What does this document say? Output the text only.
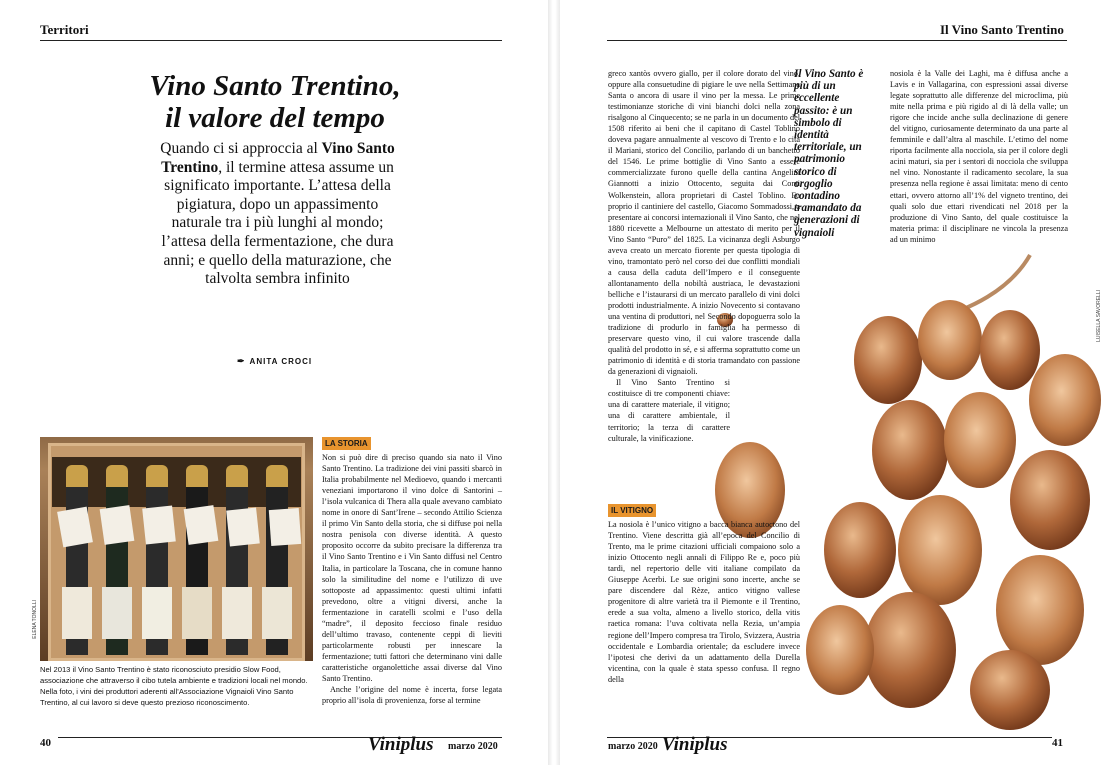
Territori
Vino Santo Trentino,
il valore del tempo
Quando ci si approccia al Vino Santo Trentino, il termine attesa assume un significato importante. L’attesa della pigiatura, dopo un appassimento naturale tra i più lunghi al mondo; l’attesa della fermentazione, che dura anni; e quello della maturazione, che talvolta sembra infinito
✒ ANITA CROCI
ELENA TONOLLI
Nel 2013 il Vino Santo Trentino è stato riconosciuto presidio Slow Food, associazione che attraverso il cibo tutela ambiente e tradizioni locali nel mondo. Nella foto, i vini dei produttori aderenti all’Associazione Vignaioli Vino Santo Trentino, al cui lavoro si deve questo prezioso riconoscimento.
LA STORIA

Non si può dire di preciso quando sia nato il Vino Santo Trentino. La tradizione dei vini passiti sbarcò in Italia probabilmente nel Medioevo, quando i mercanti veneziani importarono il vino dolce di Santorini – l’isola vulcanica di Thera alla quale avevano cambiato nome in onore di Sant’Irene – secondo Attilio Scienza il primo Vin Santo della storia, che si diffuse poi nella nostra penisola con diverse identità. A questo proposito occorre da subito precisare la differenza tra il Vino Santo Trentino e i Vin Santo diffusi nel Centro Italia, in particolare la Toscana, che in comune hanno solo la similitudine del nome e l’utilizzo di uve sottoposte ad appassimento: questi ultimi infatti prevedono, oltre a vitigni diversi, anche la fermentazione in caratelli scolmi e l’uso della “madre”, il deposito feccioso finale residuo dell’ultimo travaso, contenente ceppi di lieviti particolarmente robusti per innescare la fermentazione; tutti fattori che determinano vini dalle caratteristiche organolettiche assai diverse dal Vino Santo Trentino.

Anche l’origine del nome è incerta, forse legata proprio all’isola di provenienza, forse al termine

40	Viniplus marzo 2020
Il Vino Santo Trentino
LUISELLA SAVORELLI

greco xantòs ovvero giallo, per il colore dorato del vino, oppure alla consuetudine di pigiare le uve nella Settimana Santa o ancora di usare il vino per la messa. Le prime testimonianze storiche di vini bianchi dolci nella zona risalgono al Cinquecento; se ne parla in un documento del 1508 riferito ai beni che il capitano di Castel Toblino doveva pagare annualmente al vescovo di Trento e lo cita il Mariani, storico del Concilio, parlando di un banchetto del 1546. Le prime bottiglie di Vino Santo a essere commercializzate furono quelle della cantina Angelini Giannotti a inizio Ottocento, seguita dai Conti Wolkenstein, allora proprietari di Castel Toblino. Fu proprio il cantiniere del castello, Giacomo Sommadossi, a presentare ai concorsi internazionali il Vino Santo, che nel 1880 ricevette a Melbourne un attestato di merito per il Vino Santo “Puro” del 1825. La vicinanza degli Asburgo aveva creato un mercato fiorente per questa tipologia di vino, tramontato però nel corso dei due conflitti mondiali a causa della caduta dell’Impero e il conseguente allontanamento della nobiltà austriaca, le devastazioni belliche e l’istaurarsi di un mercato parallelo di vini dolci prodotti industrialmente. A inizio Novecento si contavano una ventina di produttori, nel Secondo dopoguerra solo la tradizione di produrlo in famiglia ha permesso di preservare questo vino, il cui valore trascende dalla qualità del prodotto in sé, e si afferma soprattutto come un patrimonio di identità e di storia tramandato con passione da generazioni di vignaioli.

Il Vino Santo Trentino si costituisce di tre componenti chiave: una di carattere materiale, il vitigno; una di carattere ambientale, il territorio; la terza di carattere culturale, la vinificazione.

IL VITIGNO

La nosiola è l’unico vitigno a bacca bianca autoctono del Trentino. Viene descritta già all’epoca del Concilio di Trento, ma le prime citazioni ufficiali compaiono solo a inizio Ottocento negli annali di Filippo Re e, poco più tardi, nel repertorio delle viti italiane compilato da Giuseppe Acerbi. Le sue origini sono incerte, anche se pare discendere dal Rèze, antico vitigno vallese progenitore di altre varietà tra il Piemonte e il Trentino, erede a sua volta, almeno a livello storico, della vitis raetica romana: l’uva coltivata nella Rezia, un’ampia regione dell’Impero compresa tra Tirolo, Svizzera, Austria occidentale e Lombardia orientale; da escludere invece l’ipotesi che derivi da un adattamento della Durella vicentina, con la quale è stata spesso confusa. Il regno della

nosiola è la Valle dei Laghi, ma è diffusa anche a Lavis e in Vallagarina, con espressioni assai diverse legate soprattutto alle differenze del microclima, più mite nella prima e più rigido al di là della valle; un rigore che incide anche sulla declinazione di genere del vitigno, curiosamente determinato da una parte al femminile e dall’altra al maschile. L’etimo del nome riporta facilmente alla nocciola, sia per il colore degli acini maturi, sia per i sentori di nocciola che sviluppa nel vino. Nonostante il radicamento secolare, la sua presenza nella regione è assai limitata: meno di cento ettari, ovvero attorno all’1% del vigneto trentino, dei quali solo due ettari rivendicati nel 2018 per la produzione di Vino Santo, del quale costituisce la materia prima: il disciplinare ne vincola la presenza ad un minimo

marzo 2020 Viniplus	41
Il Vino Santo è più di un eccellente passito: è un simbolo di identità territoriale, un patrimonio storico di orgoglio contadino tramandato da generazioni di vignaioli
